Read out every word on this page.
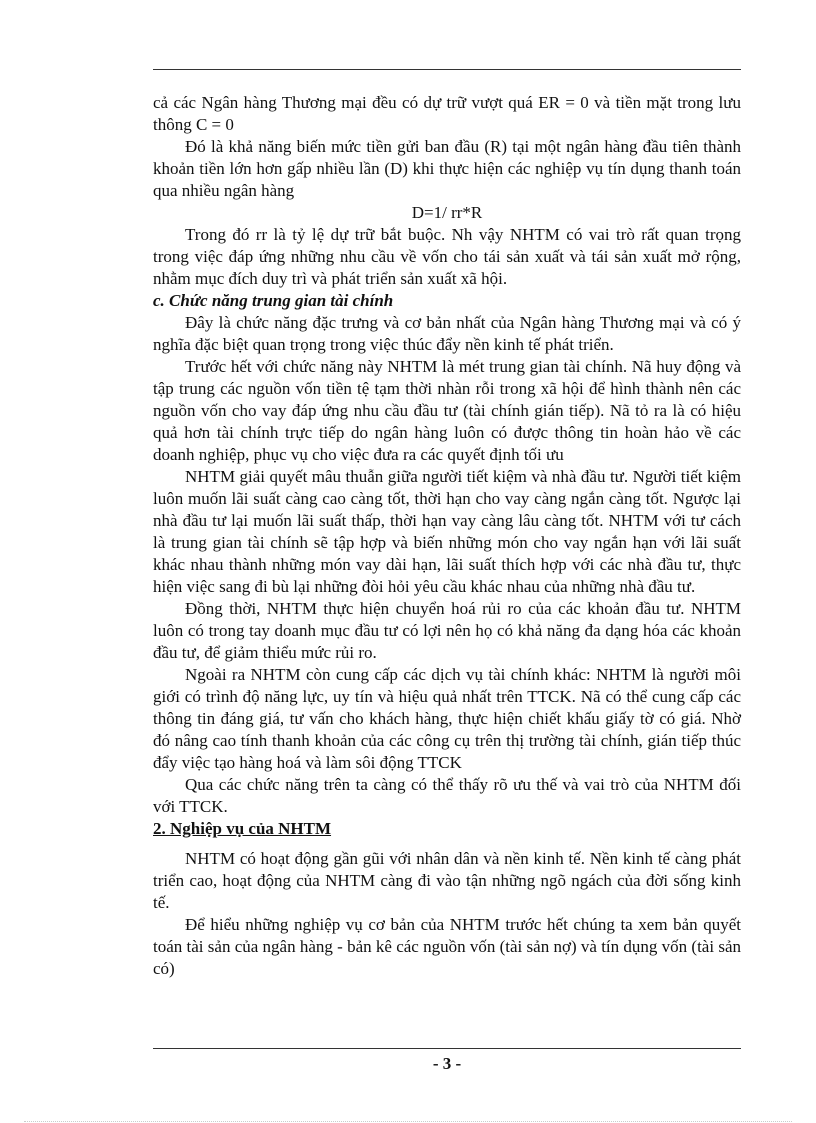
cả các Ngân hàng Thương mại đều có dự trữ vượt quá ER = 0 và tiền mặt trong lưu thông C = 0

Đó là khả năng biến mức tiền gửi ban đầu (R) tại một ngân hàng đầu tiên thành khoản tiền lớn hơn gấp nhiều lần (D) khi thực hiện các nghiệp vụ tín dụng thanh toán qua nhiều ngân hàng

D=1/ rr*R

Trong đó rr là tỷ lệ dự trữ bắt buộc. Nh vậy NHTM có vai trò rất quan trọng trong việc đáp ứng những nhu cầu về vốn cho tái sản xuất và tái sản xuất mở rộng, nhằm mục đích duy trì và phát triển sản xuất xã hội.

c. Chức năng trung gian tài chính

Đây là chức năng đặc trưng và cơ bản nhất của Ngân hàng Thương mại và có ý nghĩa đặc biệt quan trọng trong việc thúc đẩy nền kinh tế phát triển.

Trước hết với chức năng này NHTM là mét trung gian tài chính. Nã huy động và tập trung các nguồn vốn tiền tệ tạm thời nhàn rỗi trong xã hội để hình thành nên các nguồn vốn cho vay đáp ứng nhu cầu đầu tư (tài chính gián tiếp). Nã tỏ ra là có hiệu quả hơn tài chính trực tiếp do ngân hàng luôn có được thông tin hoàn hảo về các doanh nghiệp, phục vụ cho việc đưa ra các quyết định tối ưu

NHTM giải quyết mâu thuẫn giữa người tiết kiệm và nhà đầu tư. Người tiết kiệm luôn muốn lãi suất càng cao càng tốt, thời hạn cho vay càng ngắn càng tốt. Ngược lại nhà đầu tư lại muốn lãi suất thấp, thời hạn vay càng lâu càng tốt. NHTM với tư cách là trung gian tài chính sẽ tập hợp và biến những món cho vay ngắn hạn với lãi suất khác nhau thành những món vay dài hạn, lãi suất thích hợp với các nhà đầu tư, thực hiện việc sang đi bù lại những đòi hỏi yêu cầu khác nhau của những nhà đầu tư.

Đồng thời, NHTM thực hiện chuyển hoá rủi ro của các khoản đầu tư. NHTM luôn có trong tay doanh mục đầu tư có lợi nên họ có khả năng đa dạng hóa các khoản đầu tư, để giảm thiểu mức rủi ro.

Ngoài ra NHTM còn cung cấp các dịch vụ tài chính khác: NHTM là người môi giới có trình độ năng lực, uy tín và hiệu quả nhất trên TTCK. Nã có thể cung cấp các thông tin đáng giá, tư vấn cho khách hàng, thực hiện chiết khấu giấy tờ có giá. Nhờ đó nâng cao tính thanh khoản của các công cụ trên thị trường tài chính, gián tiếp thúc đẩy việc tạo hàng hoá và làm sôi động TTCK

Qua các chức năng trên ta càng có thể thấy rõ ưu thế và vai trò của NHTM đối với TTCK.

2. Nghiệp vụ của NHTM

NHTM có hoạt động gần gũi với nhân dân và nền kinh tế. Nền kinh tế càng phát triển cao, hoạt động của NHTM càng đi vào tận những ngõ ngách của đời sống kinh tế.

Để hiểu những nghiệp vụ cơ bản của NHTM trước hết chúng ta xem bản quyết toán tài sản của ngân hàng - bản kê các nguồn vốn (tài sản nợ) và tín dụng vốn (tài sản có)

- 3 -
